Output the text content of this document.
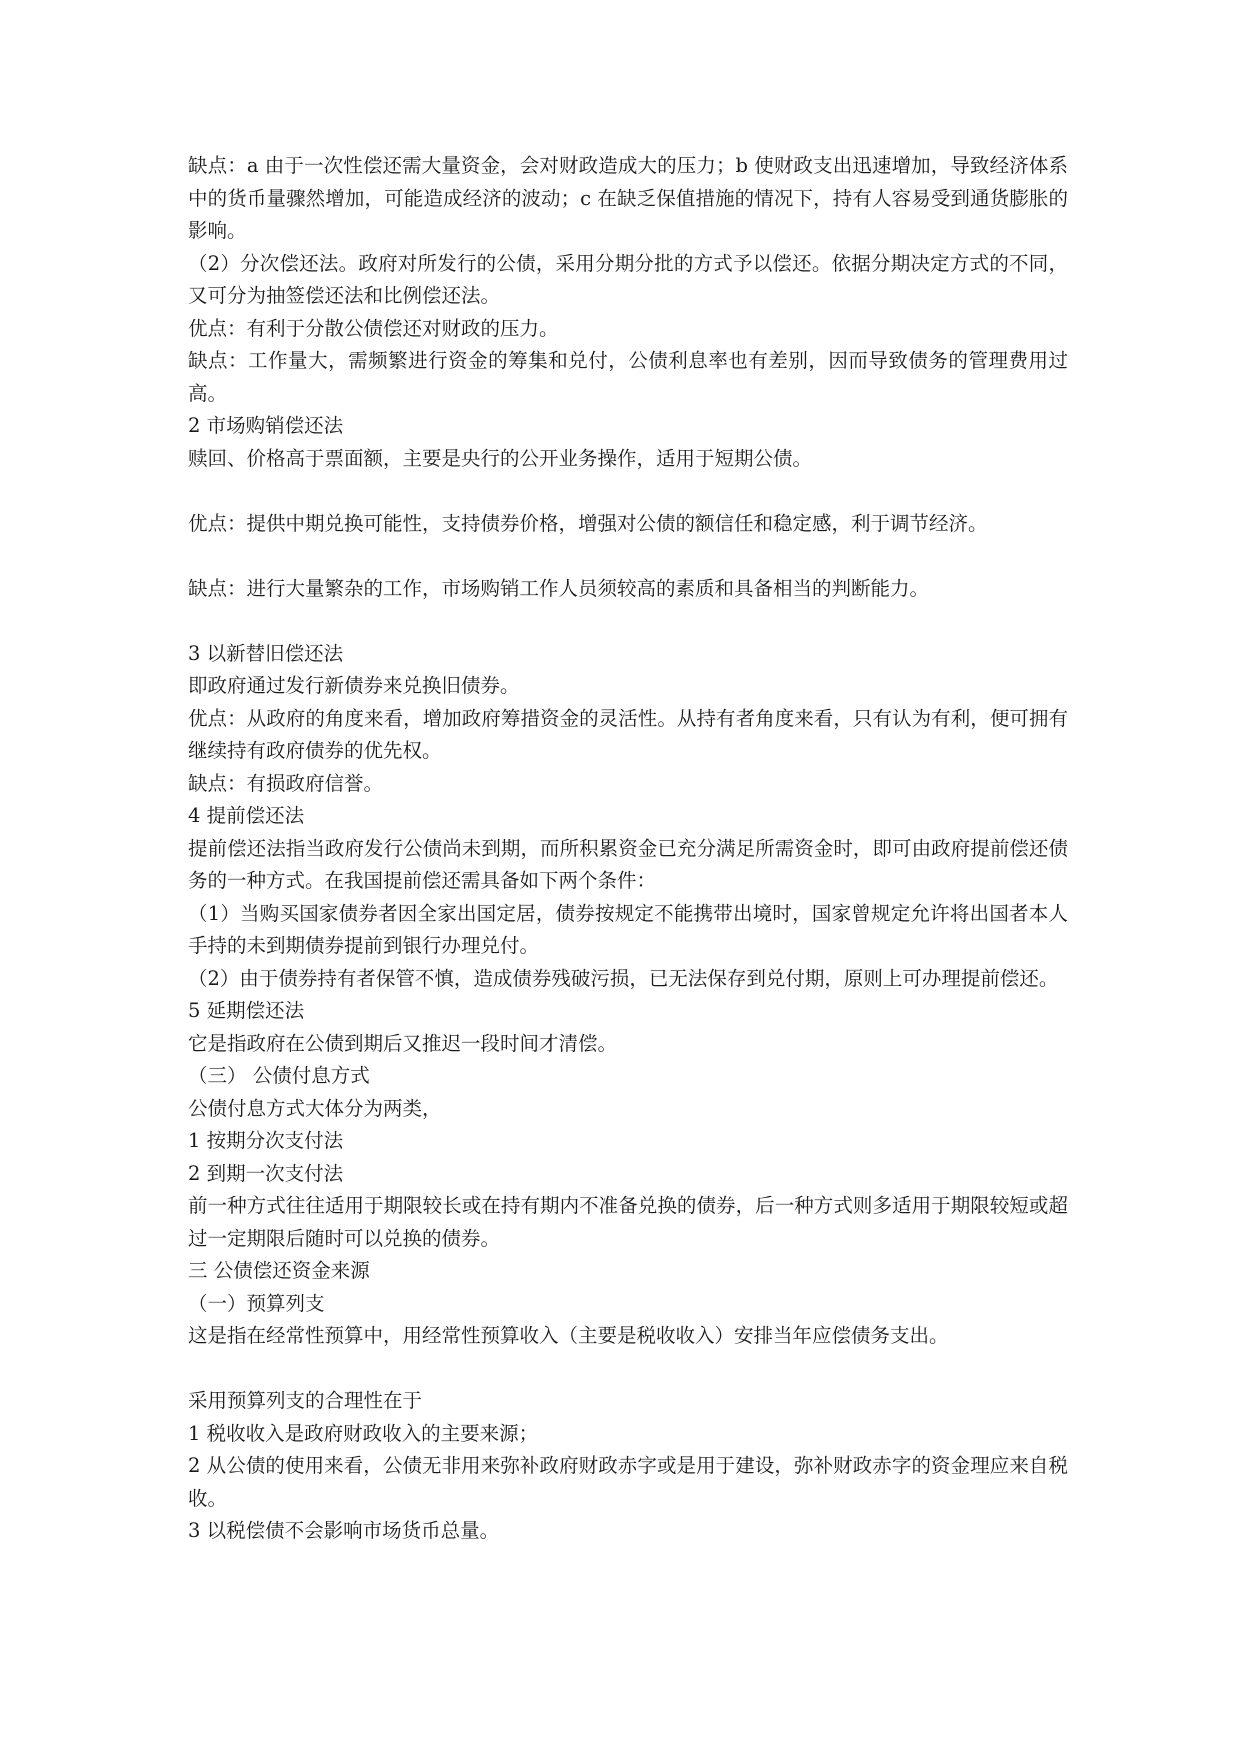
缺点：a 由于一次性偿还需大量资金，会对财政造成大的压力；b 使财政支出迅速增加，导致经济体系中的货币量骤然增加，可能造成经济的波动；c 在缺乏保值措施的情况下，持有人容易受到通货膨胀的影响。

（2）分次偿还法。政府对所发行的公债，采用分期分批的方式予以偿还。依据分期决定方式的不同，又可分为抽签偿还法和比例偿还法。

优点：有利于分散公债偿还对财政的压力。

缺点：工作量大，需频繁进行资金的筹集和兑付，公债利息率也有差别，因而导致债务的管理费用过高。

2 市场购销偿还法

赎回、价格高于票面额，主要是央行的公开业务操作，适用于短期公债。

优点：提供中期兑换可能性，支持债券价格，增强对公债的额信任和稳定感，利于调节经济。

缺点：进行大量繁杂的工作，市场购销工作人员须较高的素质和具备相当的判断能力。

3 以新替旧偿还法

即政府通过发行新债券来兑换旧债券。

优点：从政府的角度来看，增加政府筹措资金的灵活性。从持有者角度来看，只有认为有利，便可拥有继续持有政府债券的优先权。

缺点：有损政府信誉。

4 提前偿还法

提前偿还法指当政府发行公债尚未到期，而所积累资金已充分满足所需资金时，即可由政府提前偿还债务的一种方式。在我国提前偿还需具备如下两个条件：

（1）当购买国家债券者因全家出国定居，债券按规定不能携带出境时，国家曾规定允许将出国者本人手持的未到期债券提前到银行办理兑付。

（2）由于债券持有者保管不慎，造成债券残破污损，已无法保存到兑付期，原则上可办理提前偿还。

5 延期偿还法

它是指政府在公债到期后又推迟一段时间才清偿。

（三） 公债付息方式

公债付息方式大体分为两类，

1 按期分次支付法

2 到期一次支付法

前一种方式往往适用于期限较长或在持有期内不准备兑换的债券，后一种方式则多适用于期限较短或超过一定期限后随时可以兑换的债券。

三 公债偿还资金来源

（一）预算列支

这是指在经常性预算中，用经常性预算收入（主要是税收收入）安排当年应偿债务支出。

采用预算列支的合理性在于

1 税收收入是政府财政收入的主要来源；

2 从公债的使用来看，公债无非用来弥补政府财政赤字或是用于建设，弥补财政赤字的资金理应来自税收。

3 以税偿债不会影响市场货币总量。
